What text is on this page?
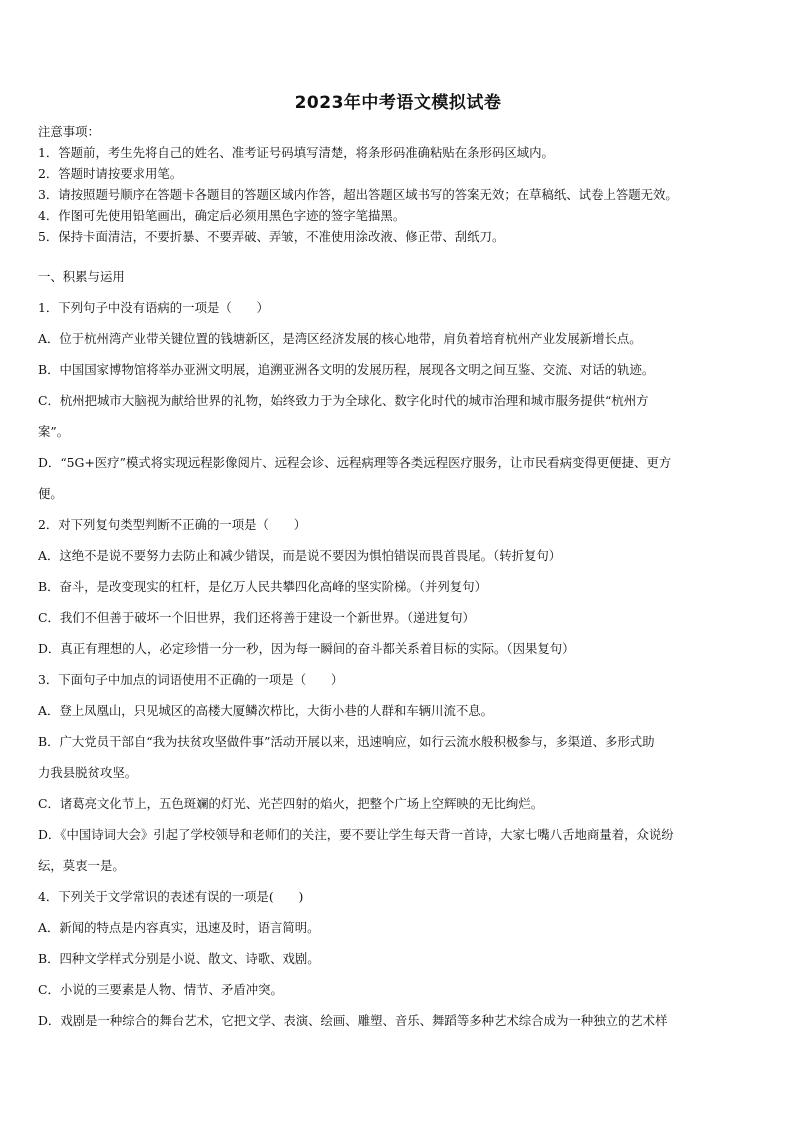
2023年中考语文模拟试卷
注意事项：
1．答题前，考生先将自己的姓名、准考证号码填写清楚，将条形码准确粘贴在条形码区域内。
2．答题时请按要求用笔。
3．请按照题号顺序在答题卡各题目的答题区域内作答，超出答题区域书写的答案无效；在草稿纸、试卷上答题无效。
4．作图可先使用铅笔画出，确定后必须用黑色字迹的签字笔描黑。
5．保持卡面清洁，不要折暴、不要弄破、弄皱，不准使用涂改液、修正带、刮纸刀。
一、积累与运用
1．下列句子中没有语病的一项是（　　）
A．位于杭州湾产业带关键位置的钱塘新区，是湾区经济发展的核心地带，肩负着培育杭州产业发展新增长点。
B．中国国家博物馆将举办亚洲文明展，追溯亚洲各文明的发展历程，展现各文明之间互鉴、交流、对话的轨迹。
C．杭州把城市大脑视为献给世界的礼物，始终致力于为全球化、数字化时代的城市治理和城市服务提供“杭州方
案”。
D．“5G+医疗”模式将实现远程影像阅片、远程会诊、远程病理等各类远程医疗服务，让市民看病变得更便捷、更方
便。
2．对下列复句类型判断不正确的一项是（　　）
A．这绝不是说不要努力去防止和减少错误，而是说不要因为惧怕错误而畏首畏尾。（转折复句）
B．奋斗，是改变现实的杠杆，是亿万人民共攀四化高峰的坚实阶梯。（并列复句）
C．我们不但善于破坏一个旧世界，我们还将善于建设一个新世界。（递进复句）
D．真正有理想的人，必定珍惜一分一秒，因为每一瞬间的奋斗都关系着目标的实际。（因果复句）
3．下面句子中加点的词语使用不正确的一项是（　　）
A．登上凤凰山，只见城区的高楼大厦鳞次栉比，大街小巷的人群和车辆川流不息。
B．广大党员干部自“我为扶贫攻坚做件事”活动开展以来，迅速响应，如行云流水般积极参与，多渠道、多形式助
力我县脱贫攻坚。
C．诸葛亮文化节上，五色斑斓的灯光、光芒四射的焰火，把整个广场上空辉映的无比绚烂。
D．《中国诗词大会》引起了学校领导和老师们的关注，要不要让学生每天背一首诗，大家七嘴八舌地商量着，众说纷
纭，莫衷一是。
4．下列关于文学常识的表述有误的一项是(　　)
A．新闻的特点是内容真实，迅速及时，语言简明。
B．四种文学样式分别是小说、散文、诗歌、戏剧。
C．小说的三要素是人物、情节、矛盾冲突。
D．戏剧是一种综合的舞台艺术，它把文学、表演、绘画、雕塑、音乐、舞蹈等多种艺术综合成为一种独立的艺术样
